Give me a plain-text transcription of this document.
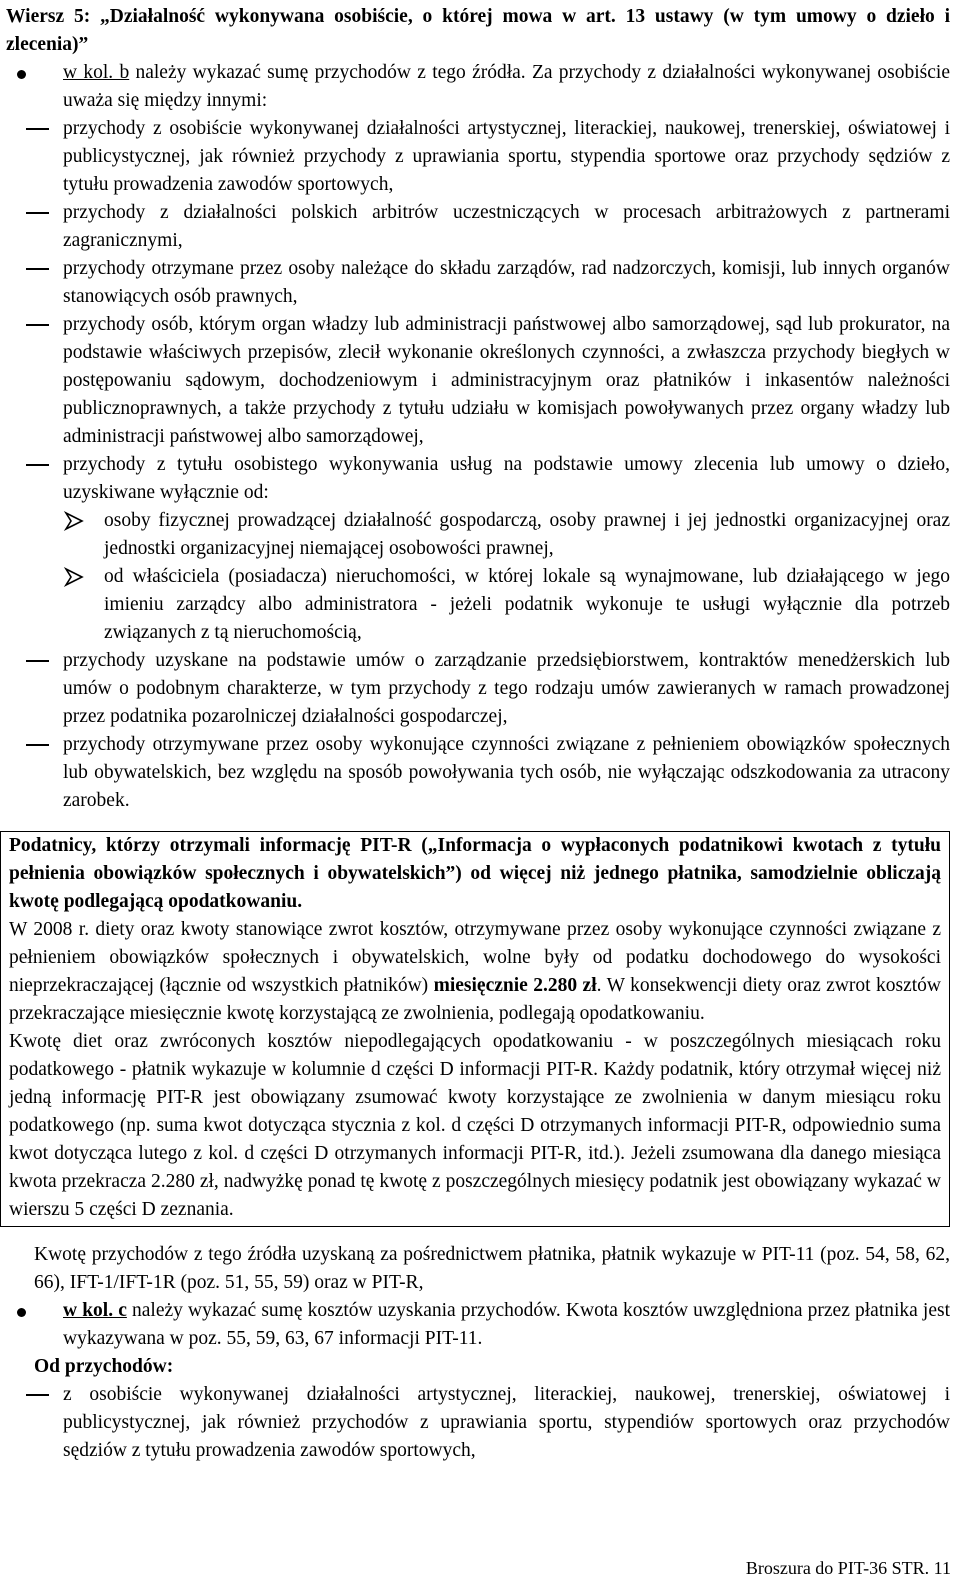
Wiersz 5: „Działalność wykonywana osobiście, o której mowa w art. 13 ustawy (w tym umowy o dzieło i zlecenia)”

w kol. b należy wykazać sumę przychodów z tego źródła. Za przychody z działalności wykonywanej osobiście uważa się między innymi:

przychody z osobiście wykonywanej działalności artystycznej, literackiej, naukowej, trenerskiej, oświatowej i publicystycznej, jak również przychody z uprawiania sportu, stypendia sportowe oraz przychody sędziów z tytułu prowadzenia zawodów sportowych,

przychody z działalności polskich arbitrów uczestniczących w procesach arbitrażowych z partnerami zagranicznymi,

przychody otrzymane przez osoby należące do składu zarządów, rad nadzorczych, komisji, lub innych organów stanowiących osób prawnych,

przychody osób, którym organ władzy lub administracji państwowej albo samorządowej, sąd lub prokurator, na podstawie właściwych przepisów, zlecił wykonanie określonych czynności, a zwłaszcza przychody biegłych w postępowaniu sądowym, dochodzeniowym i administracyjnym oraz płatników i inkasentów należności publicznoprawnych, a także przychody z tytułu udziału w komisjach powoływanych przez organy władzy lub administracji państwowej albo samorządowej,

przychody z tytułu osobistego wykonywania usług na podstawie umowy zlecenia lub umowy o dzieło, uzyskiwane wyłącznie od:

osoby fizycznej prowadzącej działalność gospodarczą, osoby prawnej i jej jednostki organizacyjnej oraz jednostki organizacyjnej niemającej osobowości prawnej,

od właściciela (posiadacza) nieruchomości, w której lokale są wynajmowane, lub działającego w jego imieniu zarządcy albo administratora - jeżeli podatnik wykonuje te usługi wyłącznie dla potrzeb związanych z tą nieruchomością,

przychody uzyskane na podstawie umów o zarządzanie przedsiębiorstwem, kontraktów menedżerskich lub umów o podobnym charakterze, w tym przychody z tego rodzaju umów zawieranych w ramach prowadzonej przez podatnika pozarolniczej działalności gospodarczej,

przychody otrzymywane przez osoby wykonujące czynności związane z pełnieniem obowiązków społecznych lub obywatelskich, bez względu na sposób powoływania tych osób, nie wyłączając odszkodowania za utracony zarobek.

Podatnicy, którzy otrzymali informację PIT-R („Informacja o wypłaconych podatnikowi kwotach z tytułu pełnienia obowiązków społecznych i obywatelskich”) od więcej niż jednego płatnika, samodzielnie obliczają kwotę podlegającą opodatkowaniu.

W 2008 r. diety oraz kwoty stanowiące zwrot kosztów, otrzymywane przez osoby wykonujące czynności związane z pełnieniem obowiązków społecznych i obywatelskich, wolne były od podatku dochodowego do wysokości nieprzekraczającej (łącznie od wszystkich płatników) miesięcznie 2.280 zł. W konsekwencji diety oraz zwrot kosztów przekraczające miesięcznie kwotę korzystającą ze zwolnienia, podlegają opodatkowaniu.

Kwotę diet oraz zwróconych kosztów niepodlegających opodatkowaniu - w poszczególnych miesiącach roku podatkowego - płatnik wykazuje w kolumnie d części D informacji PIT-R. Każdy podatnik, który otrzymał więcej niż jedną informację PIT-R jest obowiązany zsumować kwoty korzystające ze zwolnienia w danym miesiącu roku podatkowego (np. suma kwot dotycząca stycznia z kol. d części D otrzymanych informacji PIT-R, odpowiednio suma kwot dotycząca lutego z kol. d części D otrzymanych informacji PIT-R, itd.). Jeżeli zsumowana dla danego miesiąca kwota przekracza 2.280 zł, nadwyżkę ponad tę kwotę z poszczególnych miesięcy podatnik jest obowiązany wykazać w wierszu 5 części D zeznania.

Kwotę przychodów z tego źródła uzyskaną za pośrednictwem płatnika, płatnik wykazuje w PIT-11 (poz. 54, 58, 62, 66), IFT-1/IFT-1R (poz. 51, 55, 59) oraz w PIT-R,

w kol. c należy wykazać sumę kosztów uzyskania przychodów. Kwota kosztów uwzględniona przez płatnika jest wykazywana w poz. 55, 59, 63, 67 informacji PIT-11.

Od przychodów:

z osobiście wykonywanej działalności artystycznej, literackiej, naukowej, trenerskiej, oświatowej i publicystycznej, jak również przychodów z uprawiania sportu, stypendiów sportowych oraz przychodów sędziów z tytułu prowadzenia zawodów sportowych,

Broszura do PIT-36 STR. 11
